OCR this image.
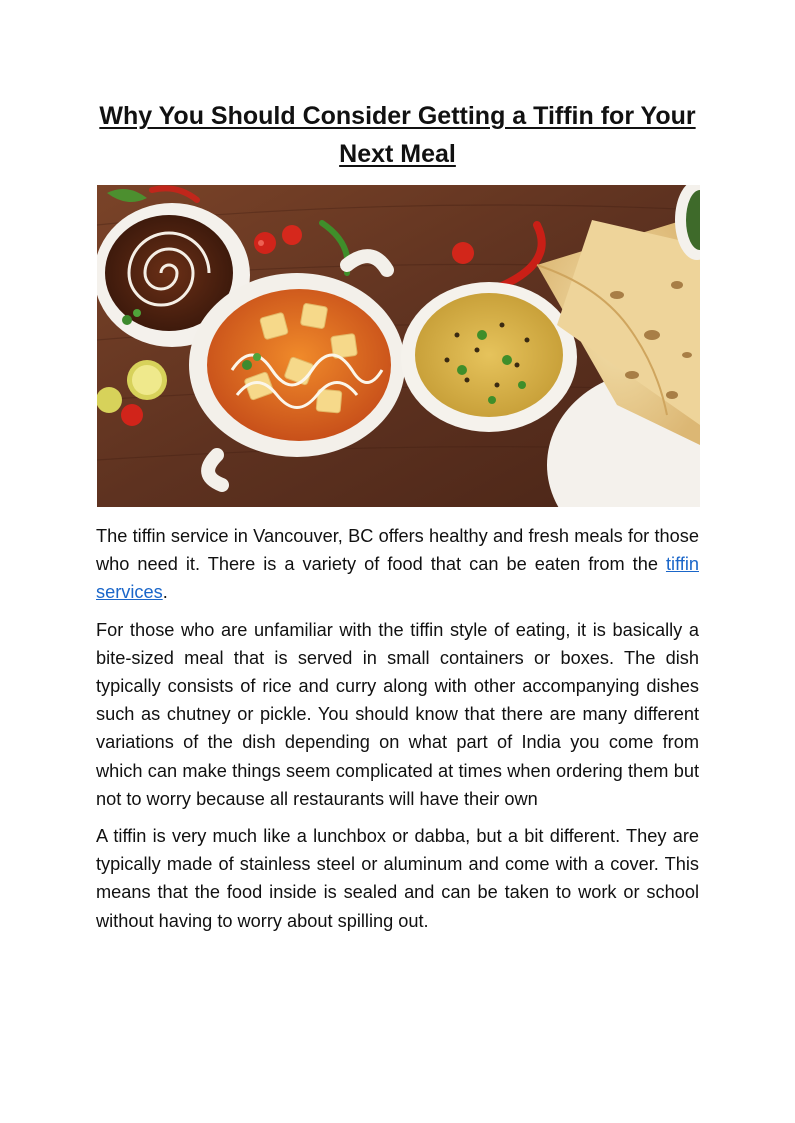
Why You Should Consider Getting a Tiffin for Your Next Meal

The tiffin service in Vancouver, BC offers healthy and fresh meals for those who need it. There is a variety of food that can be eaten from the tiffin services.

For those who are unfamiliar with the tiffin style of eating, it is basically a bite-sized meal that is served in small containers or boxes. The dish typically consists of rice and curry along with other accompanying dishes such as chutney or pickle. You should know that there are many different variations of the dish depending on what part of India you come from which can make things seem complicated at times when ordering them but not to worry because all restaurants will have their own

A tiffin is very much like a lunchbox or dabba, but a bit different. They are typically made of stainless steel or aluminum and come with a cover. This means that the food inside is sealed and can be taken to work or school without having to worry about spilling out.
